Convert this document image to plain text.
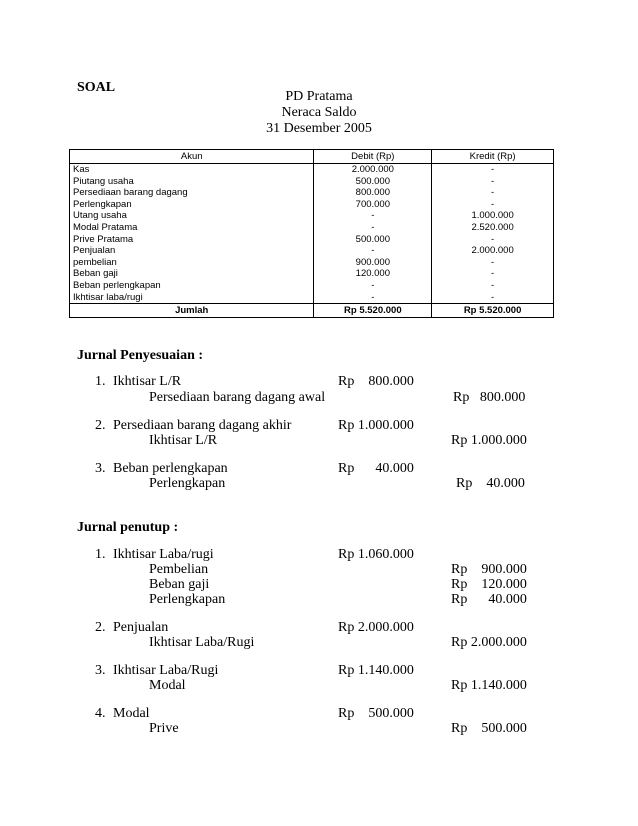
SOAL
PD Pratama
Neraca Saldo
31 Desember 2005
Akun	Debit (Rp)	Kredit (Rp)
Kas	2.000.000	-
Piutang usaha	500.000	-
Persediaan barang dagang	800.000	-
Perlengkapan	700.000	-
Utang usaha	-	1.000.000
Modal Pratama	-	2.520.000
Prive Pratama	500.000	-
Penjualan	-	2.000.000
pembelian	900.000	-
Beban gaji	120.000	-
Beban perlengkapan	-	-
Ikhtisar laba/rugi	-	-
Jumlah	Rp 5.520.000	Rp 5.520.000
Jurnal Penyesuaian :
1. Ikhtisar L/R	Rp    800.000
Persediaan barang dagang awal	Rp   800.000
2. Persediaan barang dagang akhir	Rp 1.000.000
Ikhtisar L/R	Rp 1.000.000
3. Beban perlengkapan	Rp      40.000
Perlengkapan	Rp    40.000
Jurnal penutup :
1. Ikhtisar Laba/rugi	Rp 1.060.000
Pembelian	Rp    900.000
Beban gaji	Rp    120.000
Perlengkapan	Rp      40.000
2. Penjualan	Rp 2.000.000
Ikhtisar Laba/Rugi	Rp 2.000.000
3. Ikhtisar Laba/Rugi	Rp 1.140.000
Modal	Rp 1.140.000
4. Modal	Rp    500.000
Prive	Rp    500.000
